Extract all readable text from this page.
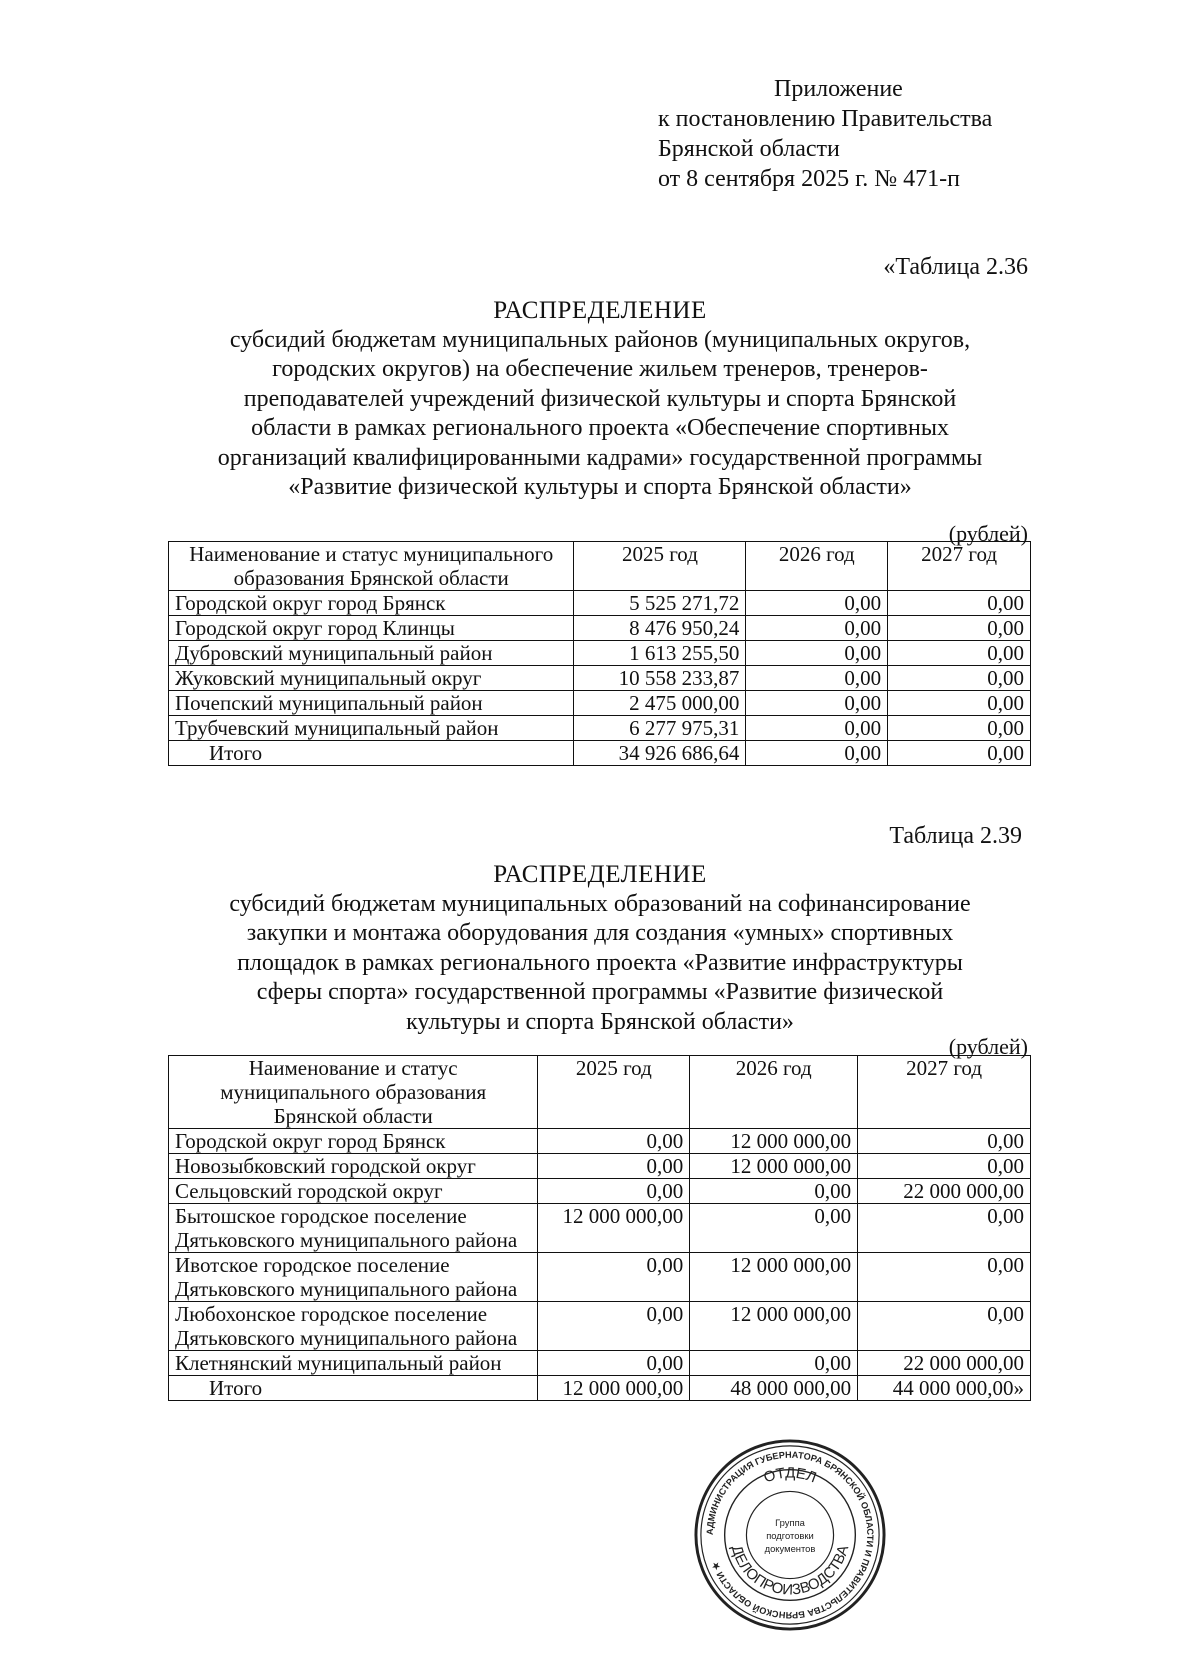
Приложение
к постановлению Правительства
Брянской области
от 8 сентября 2025 г. № 471-п
«Таблица 2.36
РАСПРЕДЕЛЕНИЕ
субсидий бюджетам муниципальных районов (муниципальных округов,
городских округов) на обеспечение жильем тренеров, тренеров-
преподавателей учреждений физической культуры и спорта Брянской
области в рамках регионального проекта «Обеспечение спортивных
организаций квалифицированными кадрами» государственной программы
«Развитие физической культуры и спорта Брянской области»
(рублей)
Наименование и статус муниципального образования Брянской области	2025 год	2026 год	2027 год
Городской округ город Брянск	5 525 271,72	0,00	0,00
Городской округ город Клинцы	8 476 950,24	0,00	0,00
Дубровский муниципальный район	1 613 255,50	0,00	0,00
Жуковский муниципальный округ	10 558 233,87	0,00	0,00
Почепский муниципальный район	2 475 000,00	0,00	0,00
Трубчевский муниципальный район	6 277 975,31	0,00	0,00
Итого	34 926 686,64	0,00	0,00
Таблица 2.39
РАСПРЕДЕЛЕНИЕ
субсидий бюджетам муниципальных образований на софинансирование
закупки и монтажа оборудования для создания «умных» спортивных
площадок в рамках регионального проекта «Развитие инфраструктуры
сферы спорта» государственной программы «Развитие физической
культуры и спорта Брянской области»
(рублей)
Наименование и статус муниципального образования Брянской области	2025 год	2026 год	2027 год
Городской округ город Брянск	0,00	12 000 000,00	0,00
Новозыбковский городской округ	0,00	12 000 000,00	0,00
Сельцовский городской округ	0,00	0,00	22 000 000,00
Бытошское городское поселение Дятьковского муниципального района	12 000 000,00	0,00	0,00
Ивотское городское поселение Дятьковского муниципального района	0,00	12 000 000,00	0,00
Любохонское городское поселение Дятьковского муниципального района	0,00	12 000 000,00	0,00
Клетнянский муниципальный район	0,00	0,00	22 000 000,00
Итого	12 000 000,00	48 000 000,00	44 000 000,00»
АДМИНИСТРАЦИЯ ГУБЕРНАТОРА БРЯНСКОЙ ОБЛАСТИ И ПРАВИТЕЛЬСТВА БРЯНСКОЙ ОБЛАСТИ ★
ОТДЕЛ
ДЕЛОПРОИЗВОДСТВА
Группа
подготовки
документов
